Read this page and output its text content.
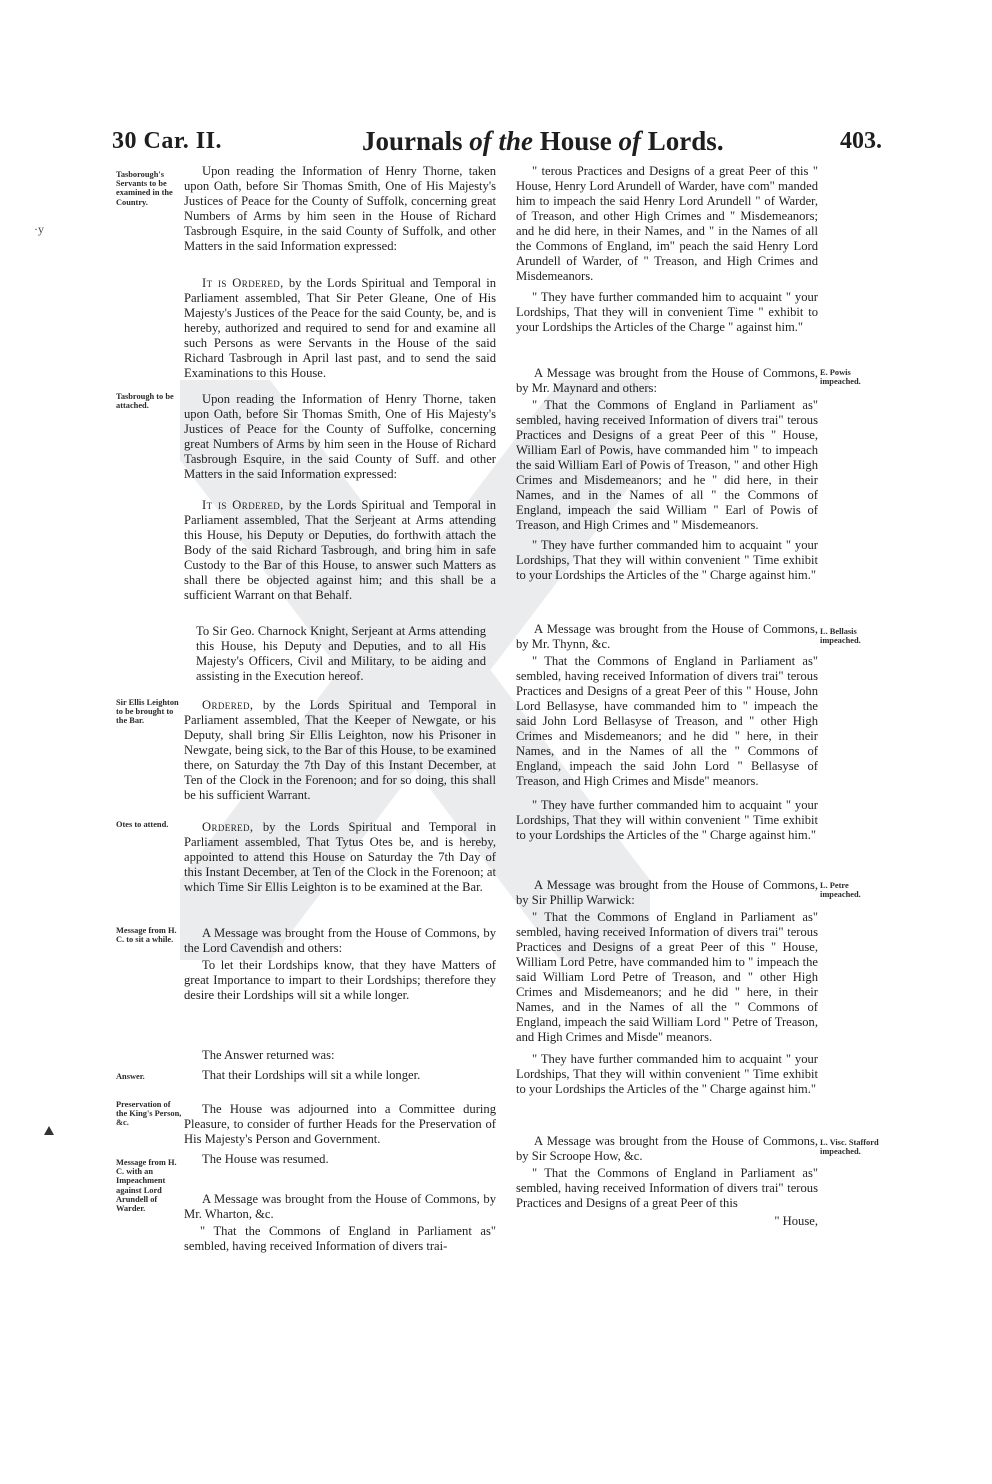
·y
30 Car. II.	Journals of the House of Lords.	403.
Tasborough's Servants to be examined in the Country.
Tasbrough to be attached.
Sir Ellis Leighton to be brought to the Bar.
Otes to attend.
Message from H. C. to sit a while.
Answer.
Preservation of the King's Person, &c.
Message from H. C. with an Impeachment against Lord Arundell of Warder.
E. Powis impeached.
L. Bellasis impeached.
L. Petre impeached.
L. Visc. Stafford impeached.

Upon reading the Information of Henry Thorne, taken upon Oath, before Sir Thomas Smith, One of His Majesty's Justices of Peace for the County of Suffolk, concerning great Numbers of Arms by him seen in the House of Richard Tasbrough Esquire, in the said County of Suffolk, and other Matters in the said Information expressed:

It is Ordered, by the Lords Spiritual and Temporal in Parliament assembled, That Sir Peter Gleane, One of His Majesty's Justices of the Peace for the said County, be, and is hereby, authorized and required to send for and examine all such Persons as were Servants in the House of the said Richard Tasbrough in April last past, and to send the said Examinations to this House.

Upon reading the Information of Henry Thorne, taken upon Oath, before Sir Thomas Smith, One of His Majesty's Justices of Peace for the County of Suffolke, concerning great Numbers of Arms by him seen in the House of Richard Tasbrough Esquire, in the said County of Suff. and other Matters in the said Information expressed:

It is Ordered, by the Lords Spiritual and Temporal in Parliament assembled, That the Serjeant at Arms attending this House, his Deputy or Deputies, do forthwith attach the Body of the said Richard Tasbrough, and bring him in safe Custody to the Bar of this House, to answer such Matters as shall there be objected against him; and this shall be a sufficient Warrant on that Behalf.

To Sir Geo. Charnock Knight, Serjeant at Arms attending this House, his Deputy and Deputies, and to all His Majesty's Officers, Civil and Military, to be aiding and assisting in the Execution hereof.

Ordered, by the Lords Spiritual and Temporal in Parliament assembled, That the Keeper of Newgate, or his Deputy, shall bring Sir Ellis Leighton, now his Prisoner in Newgate, being sick, to the Bar of this House, to be examined there, on Saturday the 7th Day of this Instant December, at Ten of the Clock in the Forenoon; and for so doing, this shall be his sufficient Warrant.

Ordered, by the Lords Spiritual and Temporal in Parliament assembled, That Tytus Otes be, and is hereby, appointed to attend this House on Saturday the 7th Day of this Instant December, at Ten of the Clock in the Forenoon; at which Time Sir Ellis Leighton is to be examined at the Bar.

A Message was brought from the House of Commons, by the Lord Cavendish and others:

To let their Lordships know, that they have Matters of great Importance to impart to their Lordships; therefore they desire their Lordships will sit a while longer.

The Answer returned was:

That their Lordships will sit a while longer.

The House was adjourned into a Committee during Pleasure, to consider of further Heads for the Preservation of His Majesty's Person and Government.

The House was resumed.

A Message was brought from the House of Commons, by Mr. Wharton, &c.

" That the Commons of England in Parliament as" sembled, having received Information of divers trai-

" terous Practices and Designs of a great Peer of this " House, Henry Lord Arundell of Warder, have com" manded him to impeach the said Henry Lord Arundell " of Warder, of Treason, and other High Crimes and " Misdemeanors; and he did here, in their Names, and " in the Names of all the Commons of England, im" peach the said Henry Lord Arundell of Warder, of " Treason, and High Crimes and Misdemeanors.

" They have further commanded him to acquaint " your Lordships, That they will in convenient Time " exhibit to your Lordships the Articles of the Charge " against him."

A Message was brought from the House of Commons, by Mr. Maynard and others:

" That the Commons of England in Parliament as" sembled, having received Information of divers trai" terous Practices and Designs of a great Peer of this " House, William Earl of Powis, have commanded him " to impeach the said William Earl of Powis of Treason, " and other High Crimes and Misdemeanors; and he " did here, in their Names, and in the Names of all " the Commons of England, impeach the said William " Earl of Powis of Treason, and High Crimes and " Misdemeanors.

" They have further commanded him to acquaint " your Lordships, That they will within convenient " Time exhibit to your Lordships the Articles of the " Charge against him."

A Message was brought from the House of Commons, by Mr. Thynn, &c.

" That the Commons of England in Parliament as" sembled, having received Information of divers trai" terous Practices and Designs of a great Peer of this " House, John Lord Bellasyse, have commanded him to " impeach the said John Lord Bellasyse of Treason, and " other High Crimes and Misdemeanors; and he did " here, in their Names, and in the Names of all the " Commons of England, impeach the said John Lord " Bellasyse of Treason, and High Crimes and Misde" meanors.

" They have further commanded him to acquaint " your Lordships, That they will within convenient " Time exhibit to your Lordships the Articles of the " Charge against him."

A Message was brought from the House of Commons, by Sir Phillip Warwick:

" That the Commons of England in Parliament as" sembled, having received Information of divers trai" terous Practices and Designs of a great Peer of this " House, William Lord Petre, have commanded him to " impeach the said William Lord Petre of Treason, and " other High Crimes and Misdemeanors; and he did " here, in their Names, and in the Names of all the " Commons of England, impeach the said William Lord " Petre of Treason, and High Crimes and Misde" meanors.

" They have further commanded him to acquaint " your Lordships, That they will within convenient " Time exhibit to your Lordships the Articles of the " Charge against him."

A Message was brought from the House of Commons, by Sir Scroope How, &c.

" That the Commons of England in Parliament as" sembled, having received Information of divers trai" terous Practices and Designs of a great Peer of this

" House,
